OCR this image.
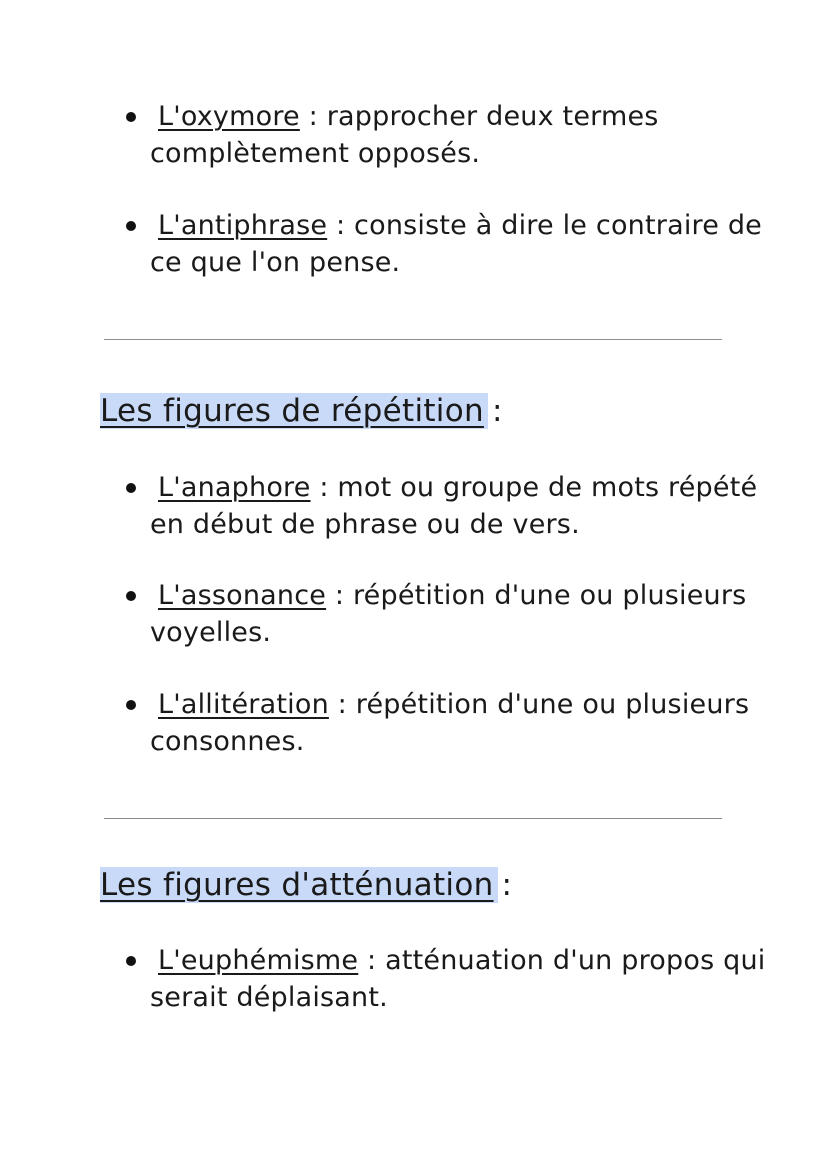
L'oxymore : rapprocher deux termes complètement opposés.
L'antiphrase : consiste à dire le contraire de ce que l'on pense.
Les figures de répétition :
L'anaphore : mot ou groupe de mots répété en début de phrase ou de vers.
L'assonance : répétition d'une ou plusieurs voyelles.
L'allitération : répétition d'une ou plusieurs consonnes.
Les figures d'atténuation :
L'euphémisme : atténuation d'un propos qui serait déplaisant.
